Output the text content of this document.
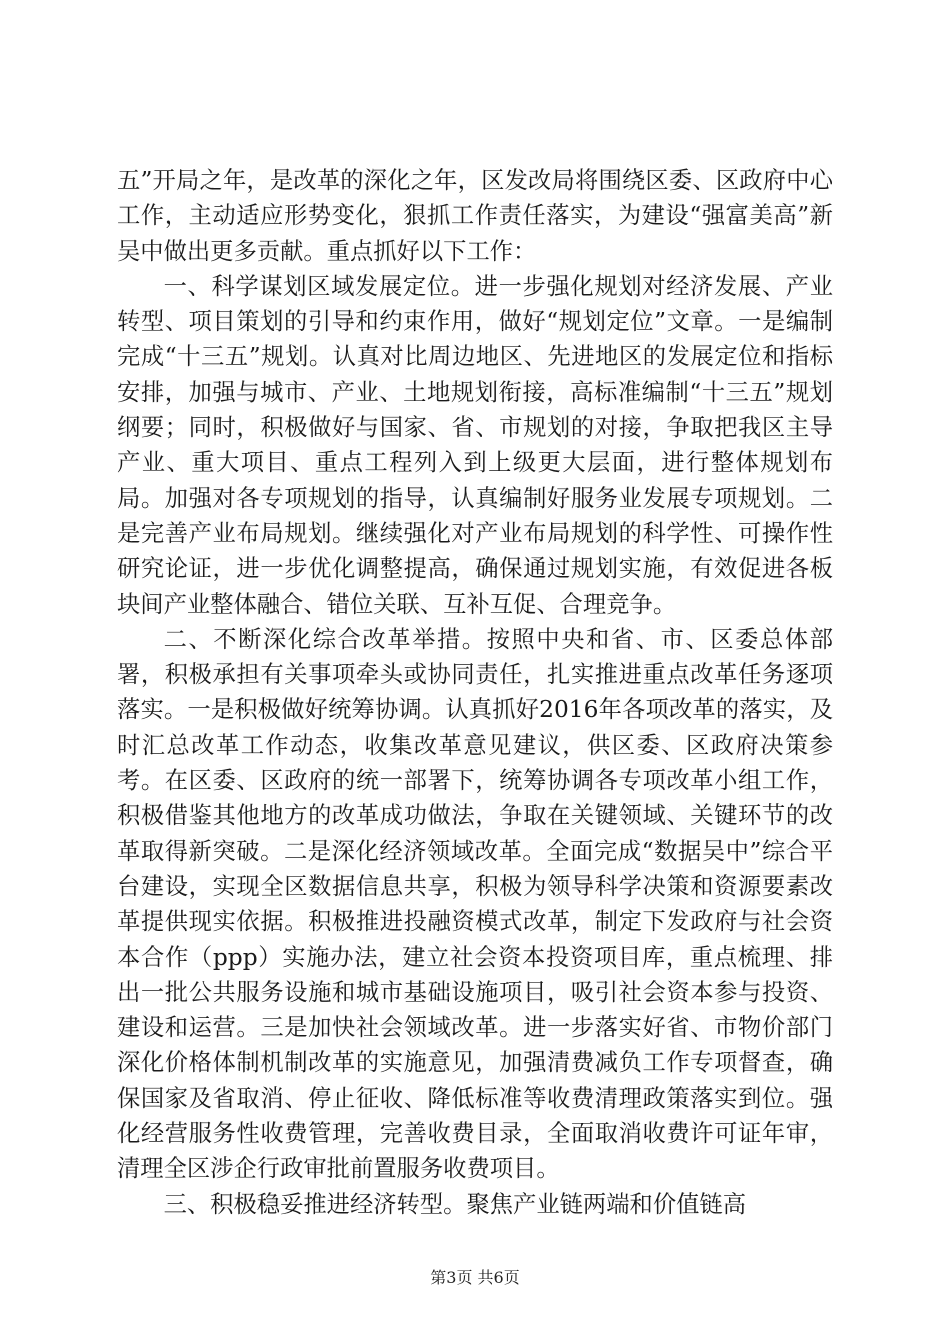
五”开局之年，是改革的深化之年，区发改局将围绕区委、区政府中心工作，主动适应形势变化，狠抓工作责任落实，为建设“强富美高”新吴中做出更多贡献。重点抓好以下工作：

一、科学谋划区域发展定位。进一步强化规划对经济发展、产业转型、项目策划的引导和约束作用，做好“规划定位”文章。一是编制完成“十三五”规划。认真对比周边地区、先进地区的发展定位和指标安排，加强与城市、产业、土地规划衔接，高标准编制“十三五”规划纲要；同时，积极做好与国家、省、市规划的对接，争取把我区主导产业、重大项目、重点工程列入到上级更大层面，进行整体规划布局。加强对各专项规划的指导，认真编制好服务业发展专项规划。二是完善产业布局规划。继续强化对产业布局规划的科学性、可操作性研究论证，进一步优化调整提高，确保通过规划实施，有效促进各板块间产业整体融合、错位关联、互补互促、合理竞争。

二、不断深化综合改革举措。按照中央和省、市、区委总体部署，积极承担有关事项牵头或协同责任，扎实推进重点改革任务逐项落实。一是积极做好统筹协调。认真抓好2016年各项改革的落实，及时汇总改革工作动态，收集改革意见建议，供区委、区政府决策参考。在区委、区政府的统一部署下，统筹协调各专项改革小组工作，积极借鉴其他地方的改革成功做法，争取在关键领域、关键环节的改革取得新突破。二是深化经济领域改革。全面完成“数据吴中”综合平台建设，实现全区数据信息共享，积极为领导科学决策和资源要素改革提供现实依据。积极推进投融资模式改革，制定下发政府与社会资本合作（ppp）实施办法，建立社会资本投资项目库，重点梳理、排出一批公共服务设施和城市基础设施项目，吸引社会资本参与投资、建设和运营。三是加快社会领域改革。进一步落实好省、市物价部门深化价格体制机制改革的实施意见，加强清费减负工作专项督查，确保国家及省取消、停止征收、降低标准等收费清理政策落实到位。强化经营服务性收费管理，完善收费目录，全面取消收费许可证年审，清理全区涉企行政审批前置服务收费项目。

三、积极稳妥推进经济转型。聚焦产业链两端和价值链高

第3页 共6页
